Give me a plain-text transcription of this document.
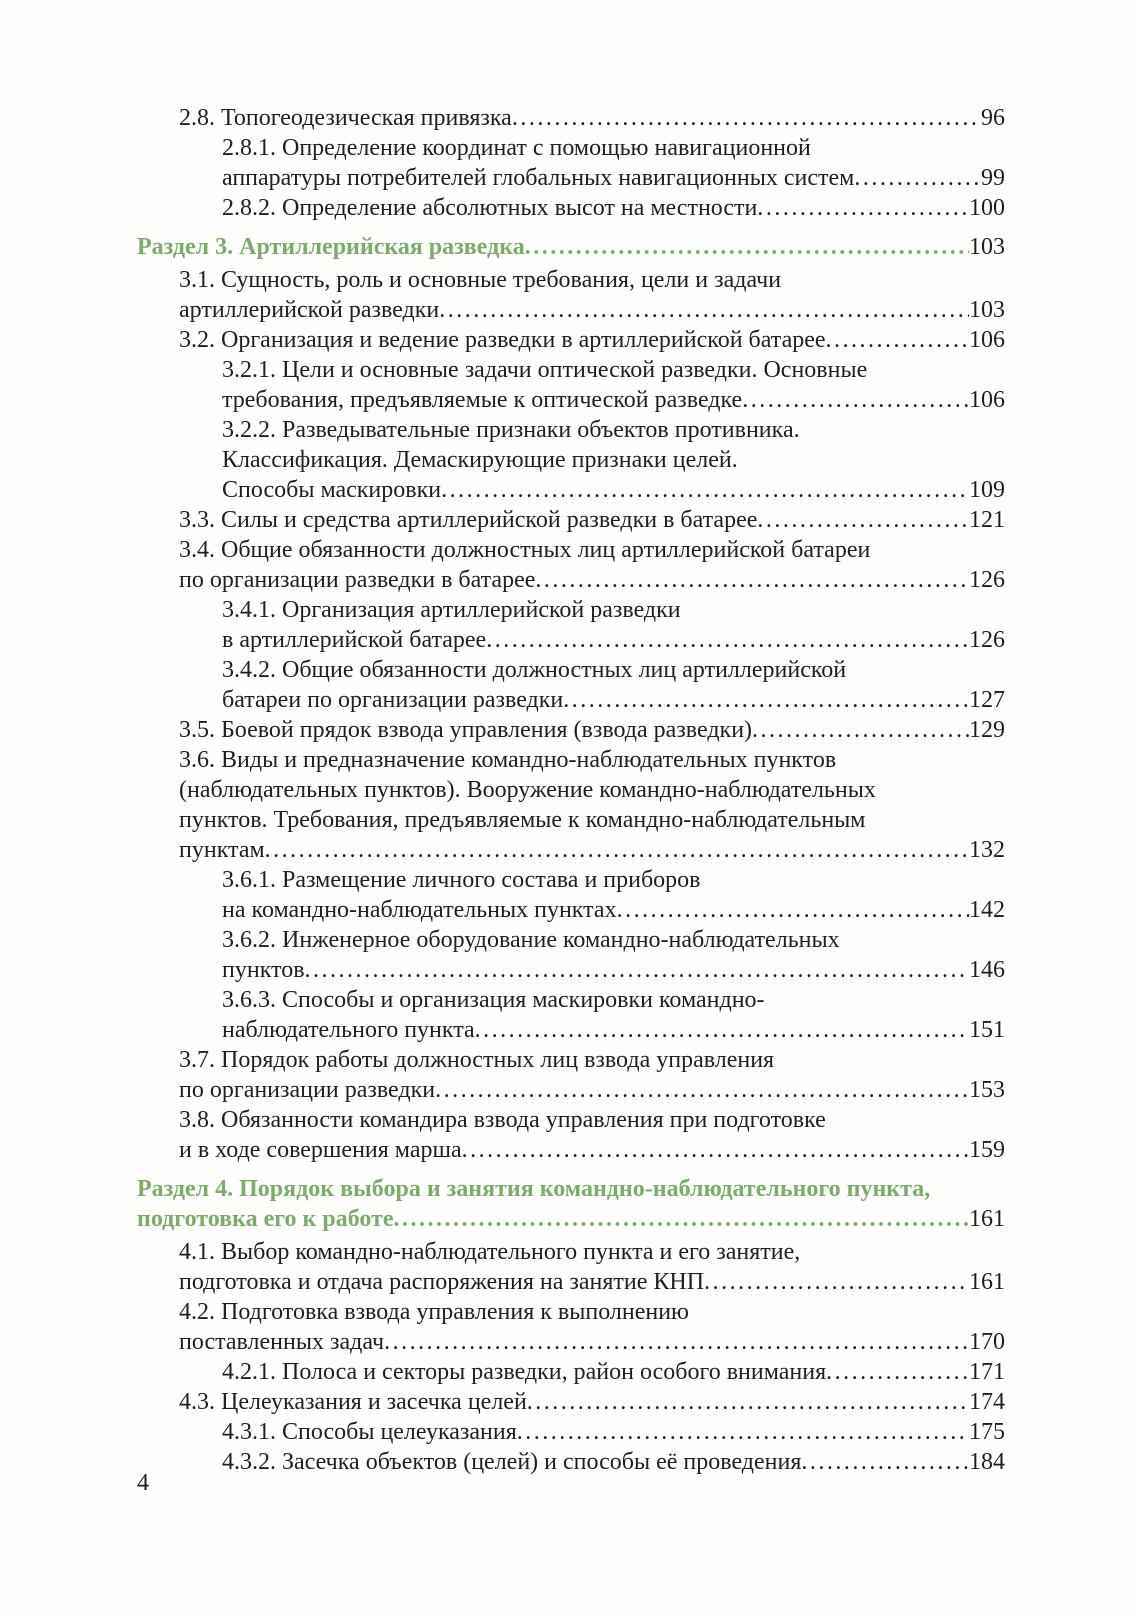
2.8. Топогеодезическая привязка .....	96
2.8.1. Определение координат с помощью навигационной
аппаратуры потребителей глобальных навигационных систем .....	99
2.8.2. Определение абсолютных высот на местности .....	100
Раздел 3. Артиллерийская разведка .....	103
3.1. Сущность, роль и основные требования, цели и задачи
артиллерийской разведки .....	103
3.2. Организация и ведение разведки в артиллерийской батарее .....	106
3.2.1. Цели и основные задачи оптической разведки. Основные
требования, предъявляемые к оптической разведке .....	106
3.2.2. Разведывательные признаки объектов противника.
Классификация. Демаскирующие признаки целей.
Способы маскировки .....	109
3.3. Силы и средства артиллерийской разведки в батарее .....	121
3.4. Общие обязанности должностных лиц артиллерийской батареи
по организации разведки в батарее .....	126
3.4.1. Организация артиллерийской разведки
в артиллерийской батарее .....	126
3.4.2. Общие обязанности должностных лиц артиллерийской
батареи по организации разведки .....	127
3.5. Боевой прядок взвода управления (взвода разведки) .....	129
3.6. Виды и предназначение командно-наблюдательных пунктов
(наблюдательных пунктов). Вооружение командно-наблюдательных
пунктов. Требования, предъявляемые к командно-наблюдательным
пунктам .....	132
3.6.1. Размещение личного состава и приборов
на командно-наблюдательных пунктах .....	142
3.6.2. Инженерное оборудование командно-наблюдательных
пунктов .....	146
3.6.3. Способы и организация маскировки командно-
наблюдательного пункта .....	151
3.7. Порядок работы должностных лиц взвода управления
по организации разведки .....	153
3.8. Обязанности командира взвода управления при подготовке
и в ходе совершения марша .....	159
Раздел 4. Порядок выбора и занятия командно-наблюдательного пункта,
подготовка его к работе .....	161
4.1. Выбор командно-наблюдательного пункта и его занятие,
подготовка и отдача распоряжения на занятие КНП .....	161
4.2. Подготовка взвода управления к выполнению
поставленных задач .....	170
4.2.1. Полоса и секторы разведки, район особого внимания .....	171
4.3. Целеуказания и засечка целей .....	174
4.3.1. Способы целеуказания .....	175
4.3.2. Засечка объектов (целей) и способы её проведения .....	184
4
